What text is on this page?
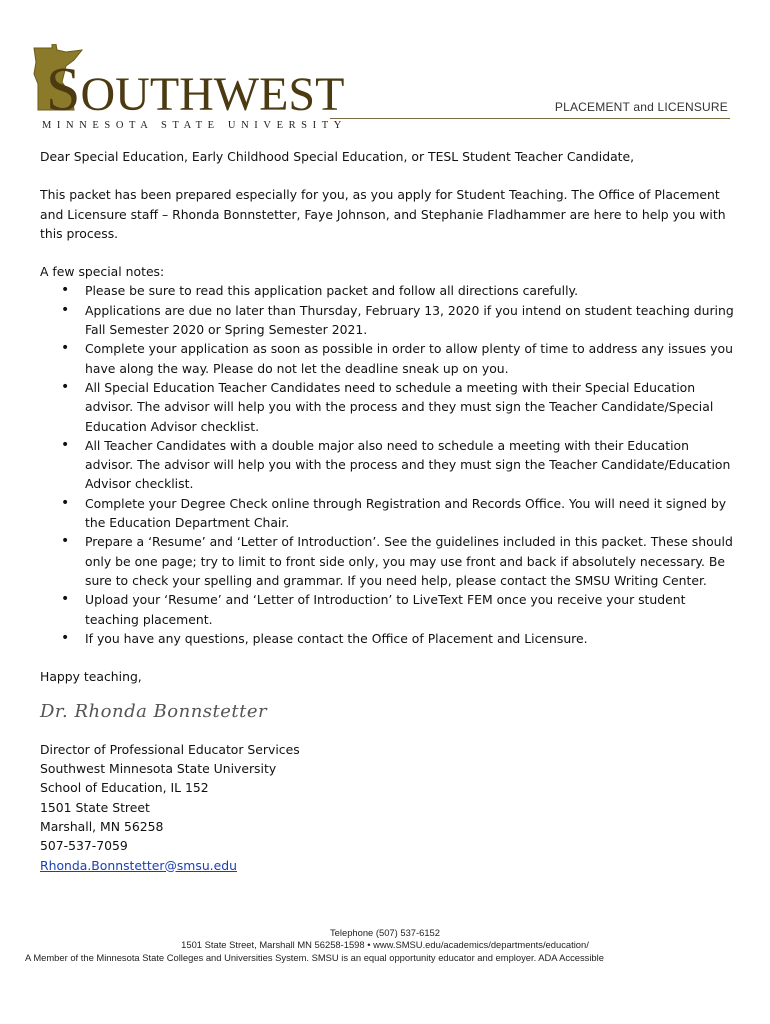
SOUTHWEST
MINNESOTA STATE UNIVERSITY
PLACEMENT and LICENSURE

Dear Special Education, Early Childhood Special Education, or TESL Student Teacher Candidate,

This packet has been prepared especially for you, as you apply for Student Teaching. The Office of Placement and Licensure staff – Rhonda Bonnstetter, Faye Johnson, and Stephanie Fladhammer are here to help you with this process.

A few special notes:

• Please be sure to read this application packet and follow all directions carefully.
• Applications are due no later than Thursday, February 13, 2020 if you intend on student teaching during Fall Semester 2020 or Spring Semester 2021.
• Complete your application as soon as possible in order to allow plenty of time to address any issues you have along the way. Please do not let the deadline sneak up on you.
• All Special Education Teacher Candidates need to schedule a meeting with their Special Education advisor. The advisor will help you with the process and they must sign the Teacher Candidate/Special Education Advisor checklist.
• All Teacher Candidates with a double major also need to schedule a meeting with their Education advisor. The advisor will help you with the process and they must sign the Teacher Candidate/Education Advisor checklist.
• Complete your Degree Check online through Registration and Records Office. You will need it signed by the Education Department Chair.
• Prepare a ‘Resume’ and ‘Letter of Introduction’. See the guidelines included in this packet. These should only be one page; try to limit to front side only, you may use front and back if absolutely necessary. Be sure to check your spelling and grammar. If you need help, please contact the SMSU Writing Center.
• Upload your ‘Resume’ and ‘Letter of Introduction’ to LiveText FEM once you receive your student teaching placement.
• If you have any questions, please contact the Office of Placement and Licensure.

Happy teaching,

Dr. Rhonda Bonnstetter

Director of Professional Educator Services

Southwest Minnesota State University

School of Education, IL 152

1501 State Street

Marshall, MN 56258

507-537-7059

Rhonda.Bonnstetter@smsu.edu

Telephone (507) 537-6152
1501 State Street, Marshall MN 56258-1598 • www.SMSU.edu/academics/departments/education/
A Member of the Minnesota State Colleges and Universities System. SMSU is an equal opportunity educator and employer. ADA Accessible
